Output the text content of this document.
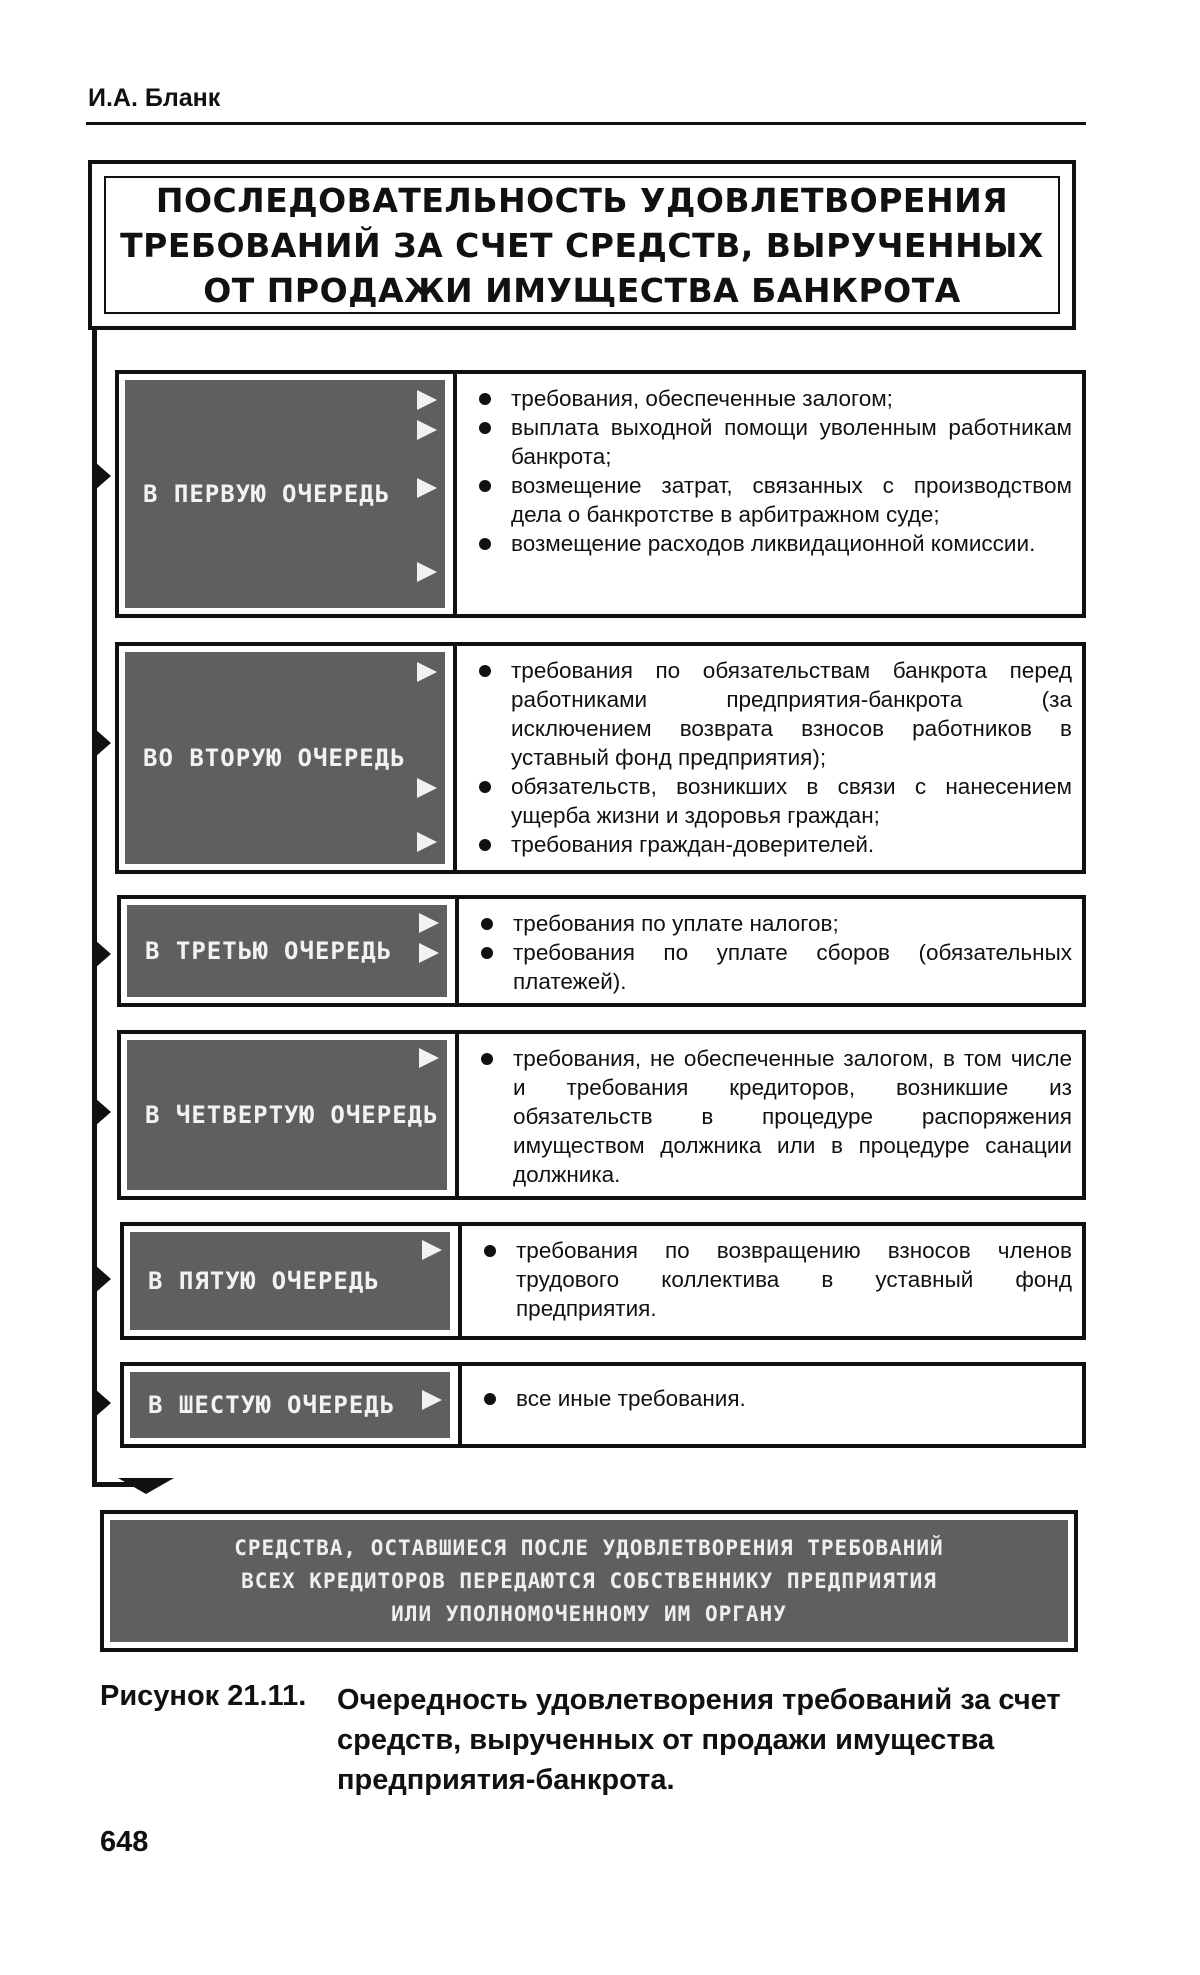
И.А. Бланк
ПОСЛЕДОВАТЕЛЬНОСТЬ УДОВЛЕТВОРЕНИЯ
ТРЕБОВАНИЙ ЗА СЧЕТ СРЕДСТВ, ВЫРУЧЕННЫХ
ОТ ПРОДАЖИ ИМУЩЕСТВА БАНКРОТА
В ПЕРВУЮ ОЧЕРЕДЬ
требования, обеспеченные залогом;
выплата выходной помощи уволенным работникам банкрота;
возмещение затрат, связанных с производством дела о банкротстве в арбитражном суде;
возмещение расходов ликвидационной комиссии.
ВО ВТОРУЮ ОЧЕРЕДЬ
требования по обязательствам банкрота перед работниками предприятия-банкрота (за исключением возврата взносов работников в уставный фонд предприятия);
обязательств, возникших в связи с нанесением ущерба жизни и здоровья граждан;
требования граждан-доверителей.
В ТРЕТЬЮ ОЧЕРЕДЬ
требования по уплате налогов;
требования по уплате сборов (обязательных платежей).
В ЧЕТВЕРТУЮ ОЧЕРЕДЬ
требования, не обеспеченные залогом, в том числе и требования кредиторов, возникшие из обязательств в процедуре распоряжения имуществом должника или в процедуре санации должника.
В ПЯТУЮ ОЧЕРЕДЬ
требования по возвращению взносов членов трудового коллектива в уставный фонд предприятия.
В ШЕСТУЮ ОЧЕРЕДЬ	все иные требования.
СРЕДСТВА, ОСТАВШИЕСЯ ПОСЛЕ УДОВЛЕТВОРЕНИЯ ТРЕБОВАНИЙ
ВСЕХ КРЕДИТОРОВ ПЕРЕДАЮТСЯ СОБСТВЕННИКУ ПРЕДПРИЯТИЯ
ИЛИ УПОЛНОМОЧЕННОМУ ИМ ОРГАНУ
Рисунок 21.11. Очередность удовлетворения требований за счет средств, вырученных от продажи имущества предприятия-банкрота.
648
